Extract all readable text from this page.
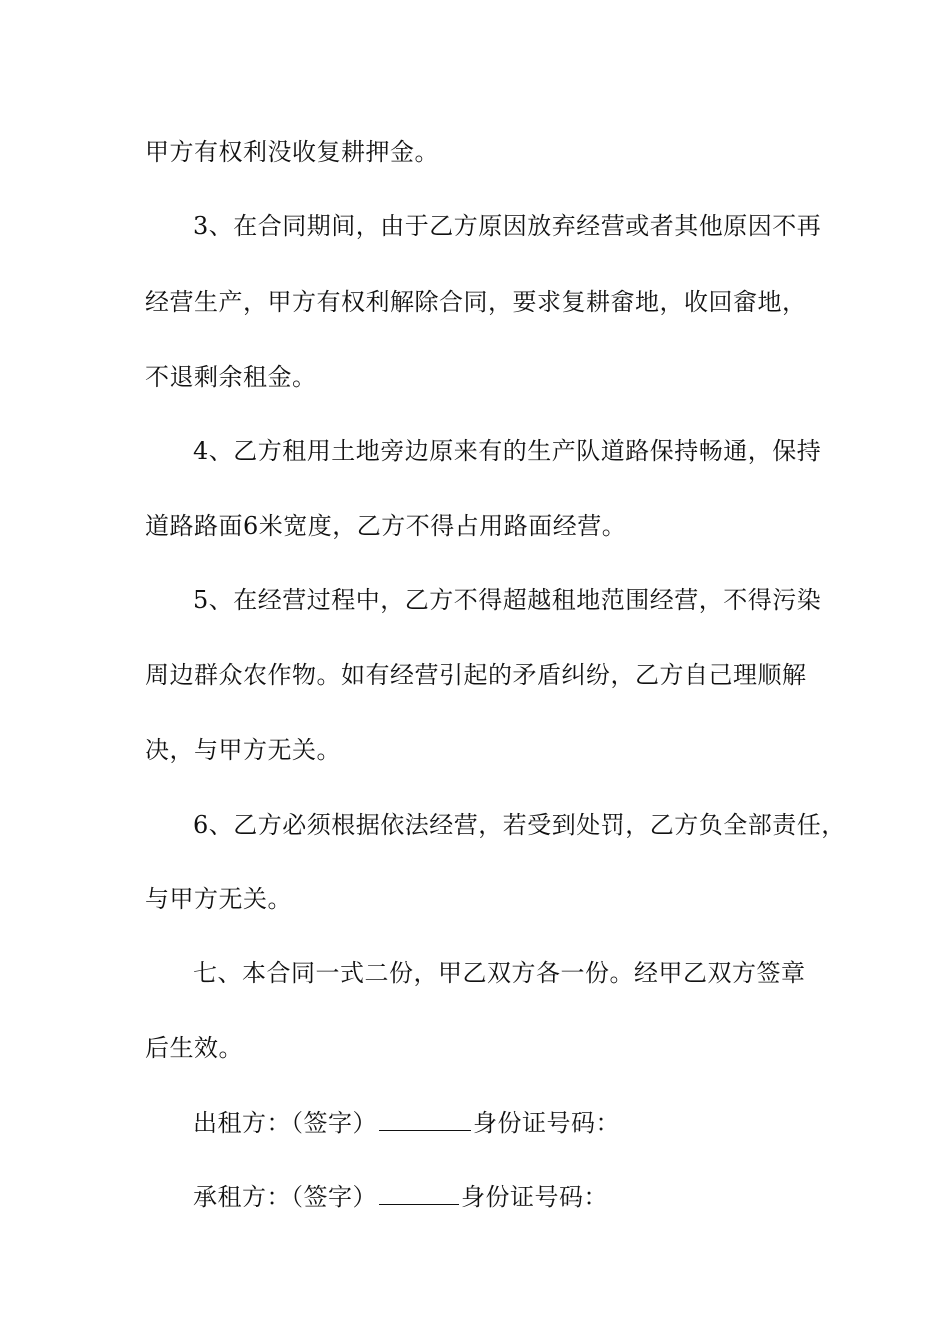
甲方有权利没收复耕押金。
3、在合同期间，由于乙方原因放弃经营或者其他原因不再
经营生产，甲方有权利解除合同，要求复耕畲地，收回畲地，
不退剩余租金。
4、乙方租用土地旁边原来有的生产队道路保持畅通，保持
道路路面6米宽度，乙方不得占用路面经营。
5、在经营过程中，乙方不得超越租地范围经营，不得污染
周边群众农作物。如有经营引起的矛盾纠纷，乙方自己理顺解
决，与甲方无关。
6、乙方必须根据依法经营，若受到处罚，乙方负全部责任，
与甲方无关。
七、本合同一式二份，甲乙双方各一份。经甲乙双方签章
后生效。
出租方：（签字）	身份证号码：
承租方：（签字）	身份证号码：
